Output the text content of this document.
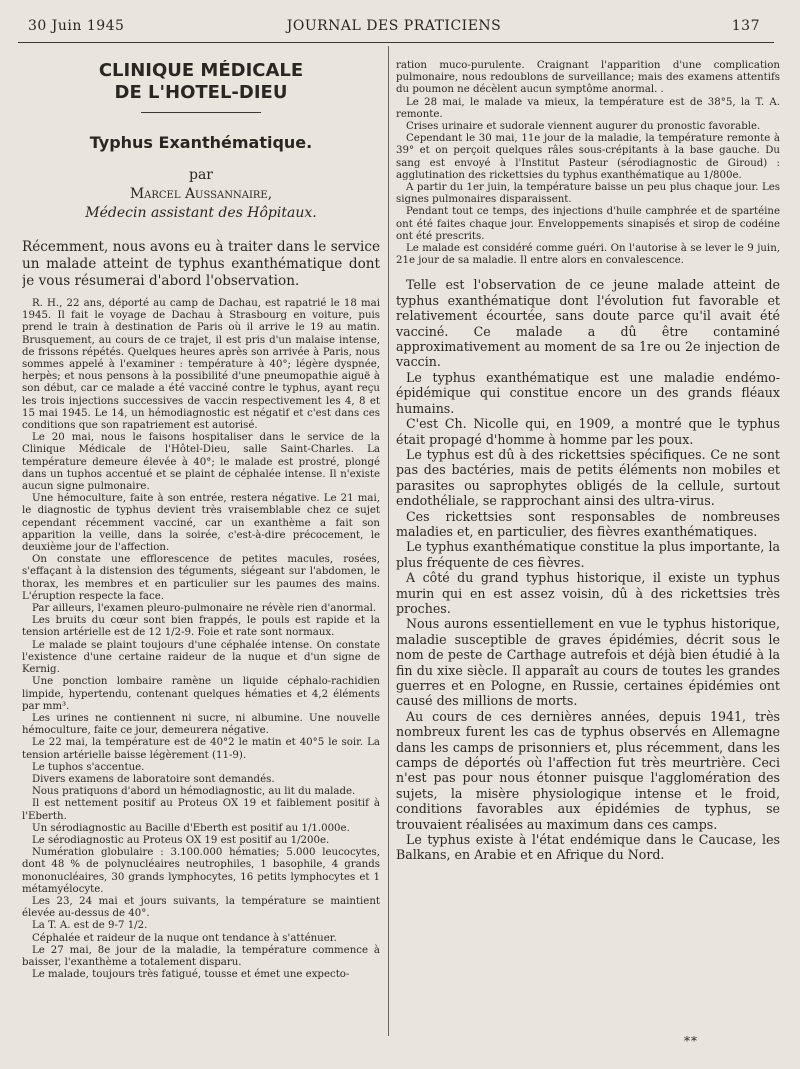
30 Juin 1945	JOURNAL DES PRATICIENS	137

CLINIQUE MÉDICALE

DE L'HOTEL-DIEU

Typhus Exanthématique.

par

Marcel Aussannaire,

Médecin assistant des Hôpitaux.

Récemment, nous avons eu à traiter dans le service un malade atteint de typhus exanthématique dont je vous résumerai d'abord l'observation.

R. H., 22 ans, déporté au camp de Dachau, est rapatrié le 18 mai 1945. Il fait le voyage de Dachau à Strasbourg en voiture, puis prend le train à destination de Paris où il arrive le 19 au matin. Brusquement, au cours de ce trajet, il est pris d'un malaise intense, de frissons répétés. Quelques heures après son arrivée à Paris, nous sommes appelé à l'examiner : température à 40°; légère dyspnée, herpès; et nous pensons à la possibilité d'une pneumopathie aiguë à son début, car ce malade a été vacciné contre le typhus, ayant reçu les trois injections successives de vaccin respectivement les 4, 8 et 15 mai 1945. Le 14, un hémodiagnostic est négatif et c'est dans ces conditions que son rapatriement est autorisé.

Le 20 mai, nous le faisons hospitaliser dans le service de la Clinique Médicale de l'Hôtel-Dieu, salle Saint-Charles. La température demeure élevée à 40°; le malade est prostré, plongé dans un tuphos accentué et se plaint de céphalée intense. Il n'existe aucun signe pulmonaire.

Une hémoculture, faite à son entrée, restera négative. Le 21 mai, le diagnostic de typhus devient très vraisemblable chez ce sujet cependant récemment vacciné, car un exanthème a fait son apparition la veille, dans la soirée, c'est-à-dire précocement, le deuxième jour de l'affection.

On constate une efflorescence de petites macules, rosées, s'effaçant à la distension des téguments, siégeant sur l'abdomen, le thorax, les membres et en particulier sur les paumes des mains. L'éruption respecte la face.

Par ailleurs, l'examen pleuro-pulmonaire ne révèle rien d'anormal.

Les bruits du cœur sont bien frappés, le pouls est rapide et la tension artérielle est de 12 1/2-9. Foie et rate sont normaux.

Le malade se plaint toujours d'une céphalée intense. On constate l'existence d'une certaine raideur de la nuque et d'un signe de Kernig.

Une ponction lombaire ramène un liquide céphalo-rachidien limpide, hypertendu, contenant quelques hématies et 4,2 éléments par mm³.

Les urines ne contiennent ni sucre, ni albumine. Une nouvelle hémoculture, faite ce jour, demeurera négative.

Le 22 mai, la température est de 40°2 le matin et 40°5 le soir. La tension artérielle baisse légèrement (11-9).

Le tuphos s'accentue.

Divers examens de laboratoire sont demandés.

Nous pratiquons d'abord un hémodiagnostic, au lit du malade.

Il est nettement positif au Proteus OX 19 et faiblement positif à l'Eberth.

Un sérodiagnostic au Bacille d'Eberth est positif au 1/1.000e.

Le sérodiagnostic au Proteus OX 19 est positif au 1/200e.

Numération globulaire : 3.100.000 hématies; 5.000 leucocytes, dont 48 % de polynucléaires neutrophiles, 1 basophile, 4 grands mononucléaires, 30 grands lymphocytes, 16 petits lymphocytes et 1 métamyélocyte.

Les 23, 24 mai et jours suivants, la température se maintient élevée au-dessus de 40°.

La T. A. est de 9-7 1/2.

Céphalée et raideur de la nuque ont tendance à s'atténuer.

Le 27 mai, 8e jour de la maladie, la température commence à baisser, l'exanthème a totalement disparu.

Le malade, toujours très fatigué, tousse et émet une expecto-

ration muco-purulente. Craignant l'apparition d'une complication pulmonaire, nous redoublons de surveillance; mais des examens attentifs du poumon ne décèlent aucun symptôme anormal. .

Le 28 mai, le malade va mieux, la température est de 38°5, la T. A. remonte.

Crises urinaire et sudorale viennent augurer du pronostic favorable.

Cependant le 30 mai, 11e jour de la maladie, la température remonte à 39° et on perçoit quelques râles sous-crépitants à la base gauche. Du sang est envoyé à l'Institut Pasteur (sérodiagnostic de Giroud) : agglutination des rickettsies du typhus exanthématique au 1/800e.

A partir du 1er juin, la température baisse un peu plus chaque jour. Les signes pulmonaires disparaissent.

Pendant tout ce temps, des injections d'huile camphrée et de spartéine ont été faites chaque jour. Enveloppements sinapisés et sirop de codéine ont été prescrits.

Le malade est considéré comme guéri. On l'autorise à se lever le 9 juin, 21e jour de sa maladie. Il entre alors en convalescence.

Telle est l'observation de ce jeune malade atteint de typhus exanthématique dont l'évolution fut favorable et relativement écourtée, sans doute parce qu'il avait été vacciné. Ce malade a dû être contaminé approximativement au moment de sa 1re ou 2e injection de vaccin.

Le typhus exanthématique est une maladie endémo-épidémique qui constitue encore un des grands fléaux humains.

C'est Ch. Nicolle qui, en 1909, a montré que le typhus était propagé d'homme à homme par les poux.

Le typhus est dû à des rickettsies spécifiques. Ce ne sont pas des bactéries, mais de petits éléments non mobiles et parasites ou saprophytes obligés de la cellule, surtout endothéliale, se rapprochant ainsi des ultra-virus.

Ces rickettsies sont responsables de nombreuses maladies et, en particulier, des fièvres exanthématiques.

Le typhus exanthématique constitue la plus importante, la plus fréquente de ces fièvres.

A côté du grand typhus historique, il existe un typhus murin qui en est assez voisin, dû à des rickettsies très proches.

Nous aurons essentiellement en vue le typhus historique, maladie susceptible de graves épidémies, décrit sous le nom de peste de Carthage autrefois et déjà bien étudié à la fin du xixe siècle. Il apparaît au cours de toutes les grandes guerres et en Pologne, en Russie, certaines épidémies ont causé des millions de morts.

Au cours de ces dernières années, depuis 1941, très nombreux furent les cas de typhus observés en Allemagne dans les camps de prisonniers et, plus récemment, dans les camps de déportés où l'affection fut très meurtrière. Ceci n'est pas pour nous étonner puisque l'agglomération des sujets, la misère physiologique intense et le froid, conditions favorables aux épidémies de typhus, se trouvaient réalisées au maximum dans ces camps.

Le typhus existe à l'état endémique dans le Caucase, les Balkans, en Arabie et en Afrique du Nord.

**
